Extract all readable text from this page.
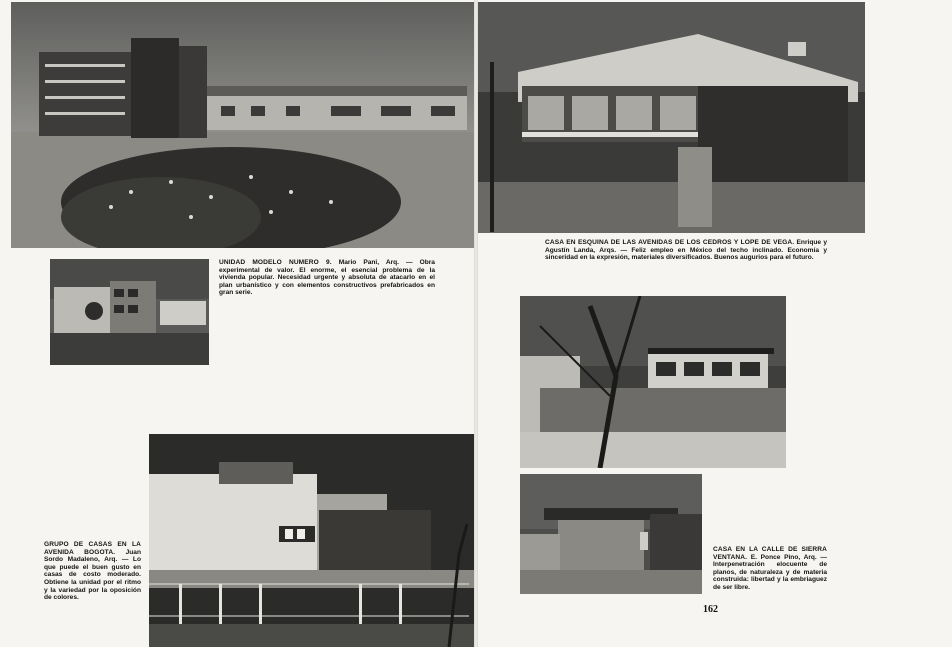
UNIDAD MODELO NUMERO 9. Mario Pani, Arq. — Obra experimental de valor. El enorme, el esencial problema de la vivienda popular. Necesidad urgente y absoluta de atacarlo en el plan urbanístico y con elementos constructivos prefabricados en gran serie.
CASA EN ESQUINA DE LAS AVENIDAS DE LOS CEDROS Y LOPE DE VEGA. Enrique y Agustín Landa, Arqs. — Feliz empleo en México del techo inclinado. Economía y sinceridad en la expresión, materiales diversificados. Buenos augurios para el futuro.
GRUPO DE CASAS EN LA AVENIDA BOGOTA. Juan Sordo Madaleno, Arq. — Lo que puede el buen gusto en casas de costo moderado. Obtiene la unidad por el ritmo y la variedad por la oposición de colores.
CASA EN LA CALLE DE SIERRA VENTANA. E. Ponce Pino, Arq. — Interpenetración elocuente de planos, de naturaleza y de materia construida: libertad y la embriaguez de ser libre.
162
